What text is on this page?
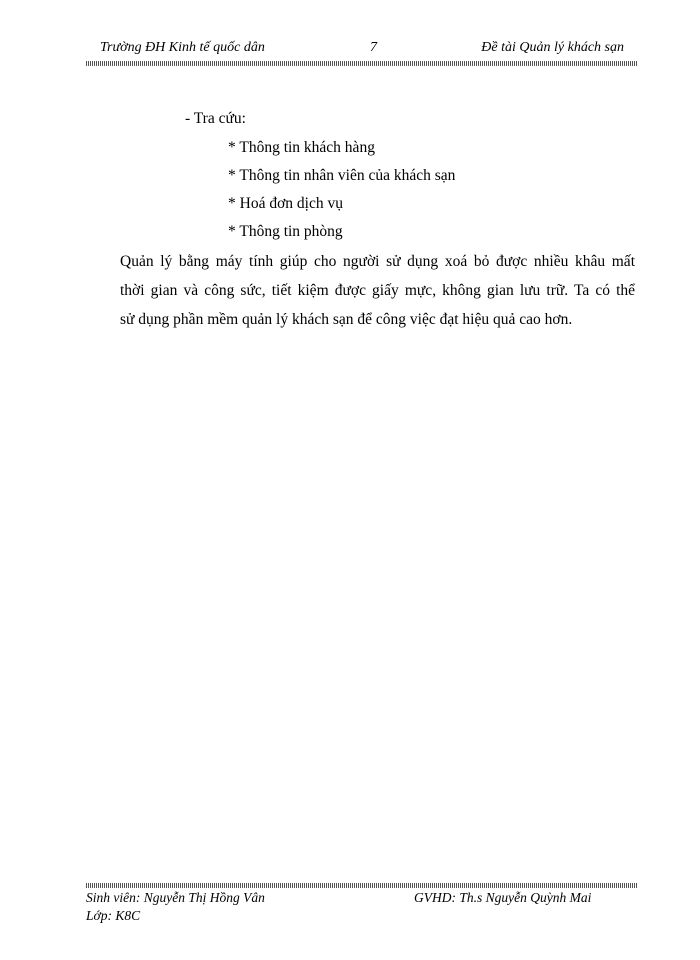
Trường ĐH Kinh tế quốc dân	7	Đề tài Quản lý khách sạn
- Tra cứu:
* Thông tin khách hàng
* Thông tin nhân viên của khách sạn
* Hoá đơn dịch vụ
* Thông tin phòng
Quản lý bằng máy tính giúp cho người sử dụng xoá bỏ được nhiều khâu mất
thời gian và công sức, tiết kiệm được giấy mực, không gian lưu trữ. Ta có thể
sử dụng phần mềm quản lý khách sạn để công việc đạt hiệu quả cao hơn.
Sinh viên: Nguyễn Thị Hồng Vân
Lớp: K8C
GVHD: Th.s Nguyễn Quỳnh Mai
